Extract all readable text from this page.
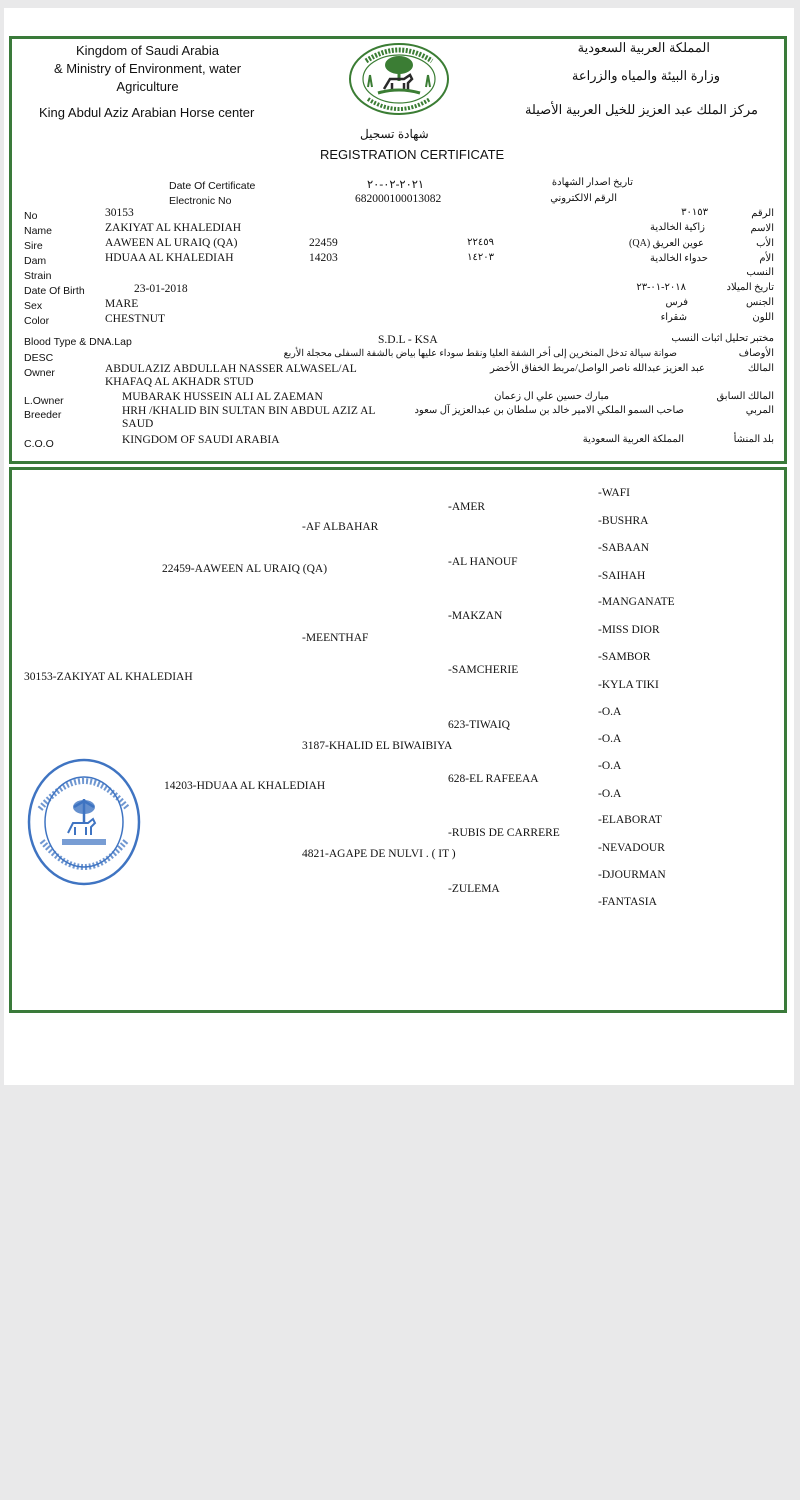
Kingdom of Saudi Arabia
& Ministry of Environment, water
Agriculture
King Abdul Aziz Arabian Horse center
المملكة العربية السعودية
وزارة البيئة والمياه والزراعة
مركز الملك عبد العزيز للخيل العربية الأصيلة
شهادة تسجيل
REGISTRATION CERTIFICATE
Date Of Certificate	٢٠٢١-٠٢-٢٠	تاريخ اصدار الشهادة
Electronic No	682000100013082	الرقم الالكتروني
No	30153	٣٠١٥٣	الرقم
Name	ZAKIYAT AL KHALEDIAH	زاكية الخالدية	الاسم
Sire	AAWEEN AL URAIQ (QA)	22459	٢٢٤٥٩	عوين العريق (QA)	الأب
Dam	HDUAA AL KHALEDIAH	14203	١٤٢٠٣	حدواء الخالدية	الأم
Strain	النسب
Date Of Birth	23-01-2018	٢٠١٨-٠١-٢٣	تاريخ الميلاد
Sex	MARE	فرس	الجنس
Color	CHESTNUT	شقراء	اللون
Blood Type & DNA.Lap	S.D.L - KSA	مختبر تحليل اثبات النسب
DESC	صوانة سيالة تدخل المنخرين إلى أخر الشفة العليا ونقط سوداء عليها بياض بالشفة السفلى محجلة الأربع	الأوصاف
Owner	ABDULAZIZ ABDULLAH NASSER ALWASEL/AL
KHAFAQ AL AKHADR STUD
عبد العزيز عبدالله ناصر الواصل/مربط الخفاق الأخضر	المالك
L.Owner	MUBARAK HUSSEIN ALI AL ZAEMAN	مبارك حسين علي ال زعمان	المالك السابق
Breeder	HRH /KHALID BIN SULTAN BIN ABDUL AZIZ AL
SAUD
صاحب السمو الملكي الامير خالد بن سلطان بن عبدالعزيز آل سعود	المربي
C.O.O	KINGDOM OF SAUDI ARABIA	المملكة العربية السعودية	بلد المنشأ
30153-ZAKIYAT AL KHALEDIAH
22459-AAWEEN AL URAIQ (QA)
14203-HDUAA AL KHALEDIAH
-AF ALBAHAR
-MEENTHAF
3187-KHALID EL BIWAIBIYA
4821-AGAPE DE NULVI . ( IT )
-AMER
-AL HANOUF
-MAKZAN
-SAMCHERIE
623-TIWAIQ
628-EL RAFEEAA
-RUBIS DE CARRERE
-ZULEMA
-WAFI
-BUSHRA
-SABAAN
-SAIHAH
-MANGANATE
-MISS DIOR
-SAMBOR
-KYLA TIKI
-O.A
-O.A
-O.A
-O.A
-ELABORAT
-NEVADOUR
-DJOURMAN
-FANTASIA
